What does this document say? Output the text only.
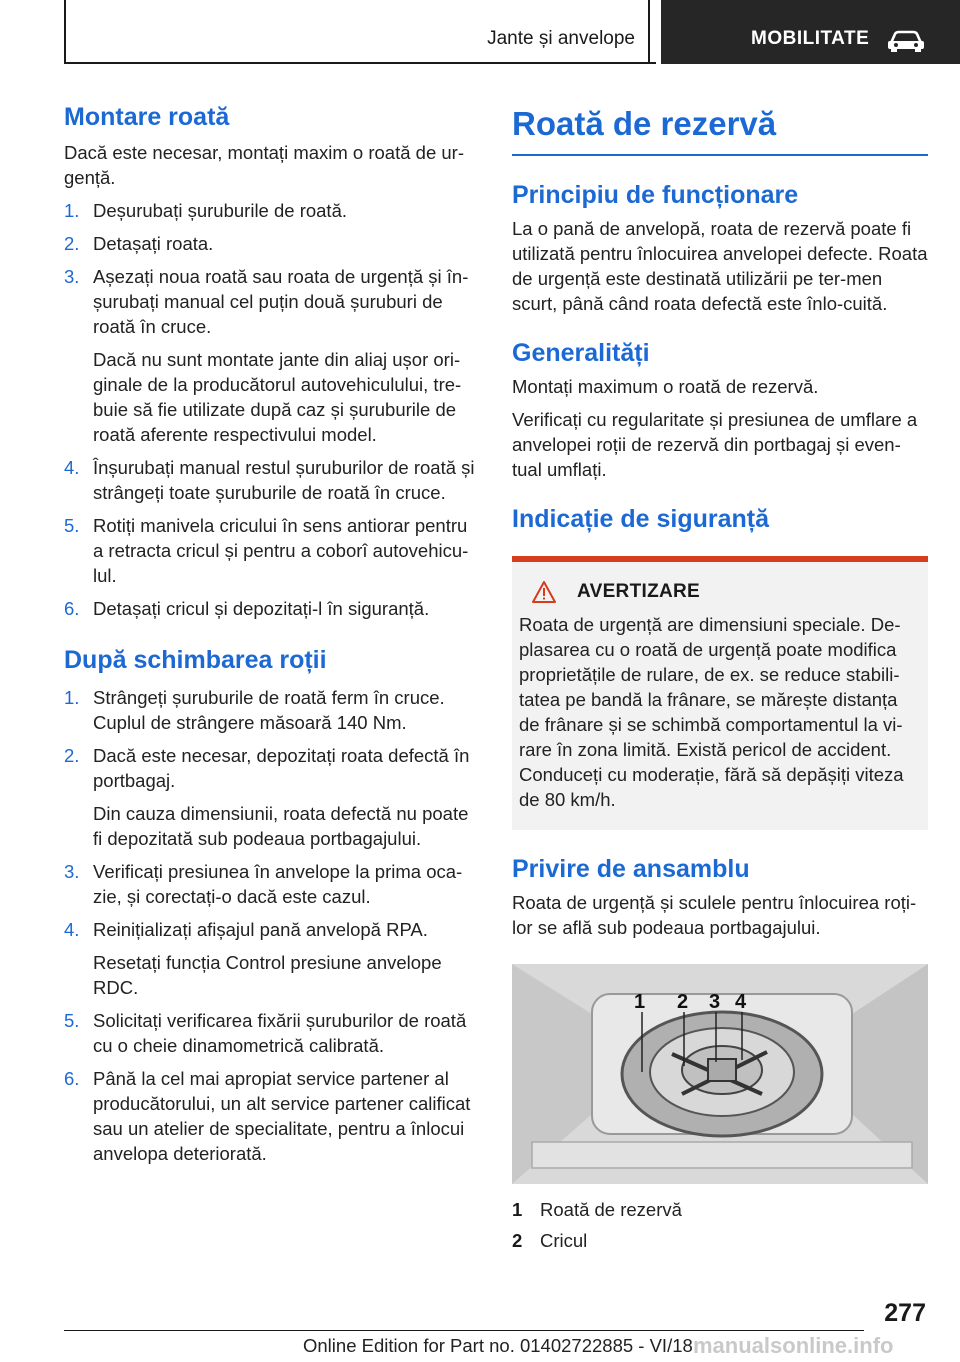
Jante și anvelope	MOBILITATE
Montare roată
Dacă este necesar, montați maxim o roată de ur-gență.
1. Deșurubați șuruburile de roată.
2. Detașați roata.
3. Așezați noua roată sau roata de urgență și în-șurubați manual cel puțin două șuruburi de roată în cruce.
Dacă nu sunt montate jante din aliaj ușor ori-ginale de la producătorul autovehiculului, tre-buie să fie utilizate după caz și șuruburile de roată aferente respectivului model.
4. Înșurubați manual restul șuruburilor de roată și strângeți toate șuruburile de roată în cruce.
5. Rotiți manivela cricului în sens antiorar pentru a retracta cricul și pentru a coborî autovehicu-lul.
6. Detașați cricul și depozitați-l în siguranță.
După schimbarea roții
1. Strângeți șuruburile de roată ferm în cruce. Cuplul de strângere măsoară 140 Nm.
2. Dacă este necesar, depozitați roata defectă în portbagaj.
Din cauza dimensiunii, roata defectă nu poate fi depozitată sub podeaua portbagajului.
3. Verificați presiunea în anvelope la prima oca-zie, și corectați-o dacă este cazul.
4. Reinițializați afișajul pană anvelopă RPA.
Resetați funcția Control presiune anvelope RDC.
5. Solicitați verificarea fixării șuruburilor de roată cu o cheie dinamometrică calibrată.
6. Până la cel mai apropiat service partener al producătorului, un alt service partener calificat sau un atelier de specialitate, pentru a înlocui anvelopa deteriorată.
Roată de rezervă
Principiu de funcționare
La o pană de anvelopă, roata de rezervă poate fi utilizată pentru înlocuirea anvelopei defecte. Roata de urgență este destinată utilizării pe ter-men scurt, până când roata defectă este înlo-cuită.
Generalități
Montați maximum o roată de rezervă.
Verificați cu regularitate și presiunea de umflare a anvelopei roții de rezervă din portbagaj și even-tual umflați.
Indicație de siguranță
AVERTIZARE
Roata de urgență are dimensiuni speciale. De-plasarea cu o roată de urgență poate modifica proprietățile de rulare, de ex. se reduce stabili-tatea pe bandă la frânare, se mărește distanța de frânare și se schimbă comportamentul la vi-rare în zona limită. Există pericol de accident. Conduceți cu moderație, fără să depășiți viteza de 80 km/h.
Privire de ansamblu
Roata de urgență și sculele pentru înlocuirea roți-lor se află sub podeaua portbagajului.
1 2 3 4
1 Roată de rezervă
2 Cricul
277
Online Edition for Part no. 01402722885 - VI/18 manualsonline.info
